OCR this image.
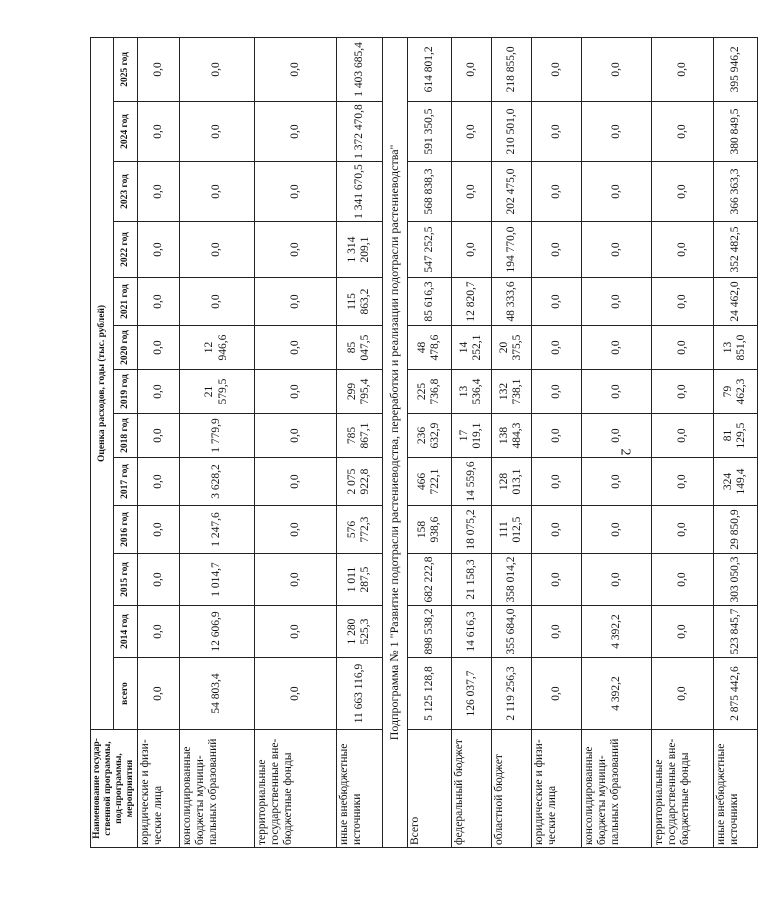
2
Наименование государ-ственной программы, под-программы, мероприятия	Оценка расходов, годы (тыс. рублей)												
	всего	2014 год	2015 год	2016 год	2017 год	2018 год	2019 год	2020 год	2021 год	2022 год	2023 год	2024 год	2025 год
юридические и физи-ческие лица	0,0	0,0	0,0	0,0	0,0	0,0	0,0	0,0	0,0	0,0	0,0	0,0	0,0
консолидированные бюджеты муници-пальных образований	54 803,4	12 606,9	1 014,7	1 247,6	3 628,2	1 779,9	21 579,5	12 946,6	0,0	0,0	0,0	0,0	0,0
территориальные государственные вне-бюджетные фонды	0,0	0,0	0,0	0,0	0,0	0,0	0,0	0,0	0,0	0,0	0,0	0,0	0,0
иные внебюджетные источники	11 663 116,9	1 280 525,3	1 011 287,5	576 772,3	2 075 922,8	785 867,1	299 795,4	85 047,5	115 863,2	1 314 209,1	1 341 670,5	1 372 470,8	1 403 685,4
Подпрограмма № 1 "Развитие подотрасли растениеводства, переработки и реализации подотрасли растениеводства"													
Всего	5 125 128,8	898 538,2	682 222,8	158 938,6	466 722,1	236 632,9	225 736,8	48 478,6	85 616,3	547 252,5	568 838,3	591 350,5	614 801,2
федеральный бюджет	126 037,7	14 616,3	21 158,3	18 075,2	14 559,6	17 019,1	13 536,4	14 252,1	12 820,7	0,0	0,0	0,0	0,0
областной бюджет	2 119 256,3	355 684,0	358 014,2	111 012,5	128 013,1	138 484,3	132 738,1	20 375,5	48 333,6	194 770,0	202 475,0	210 501,0	218 855,0
юридические и физи-ческие лица	0,0	0,0	0,0	0,0	0,0	0,0	0,0	0,0	0,0	0,0	0,0	0,0	0,0
консолидированные бюджеты муници-пальных образований	4 392,2	4 392,2	0,0	0,0	0,0	0,0	0,0	0,0	0,0	0,0	0,0	0,0	0,0
территориальные государственные вне-бюджетные фонды	0,0	0,0	0,0	0,0	0,0	0,0	0,0	0,0	0,0	0,0	0,0	0,0	0,0
иные внебюджетные источники	2 875 442,6	523 845,7	303 050,3	29 850,9	324 149,4	81 129,5	79 462,3	13 851,0	24 462,0	352 482,5	366 363,3	380 849,5	395 946,2
